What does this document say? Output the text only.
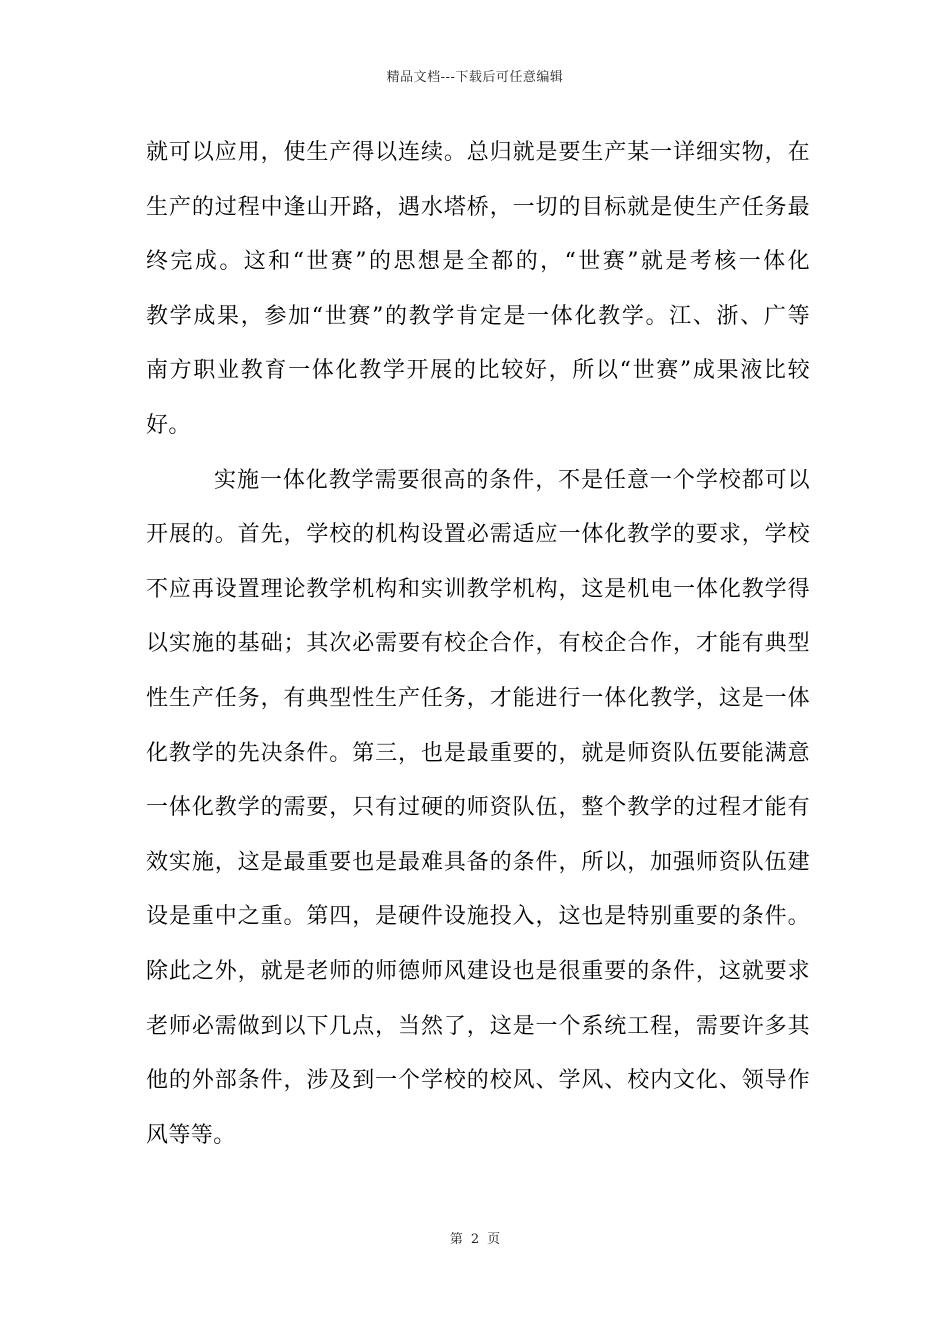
精品文档---下载后可任意编辑
就可以应用，使生产得以连续。总归就是要生产某一详细实物，在
生产的过程中逢山开路，遇水塔桥，一切的目标就是使生产任务最
终完成。这和“世赛”的思想是全都的，“世赛”就是考核一体化
教学成果，参加“世赛”的教学肯定是一体化教学。江、浙、广等
南方职业教育一体化教学开展的比较好，所以“世赛”成果液比较
好。
实施一体化教学需要很高的条件，不是任意一个学校都可以
开展的。首先，学校的机构设置必需适应一体化教学的要求，学校
不应再设置理论教学机构和实训教学机构，这是机电一体化教学得
以实施的基础；其次必需要有校企合作，有校企合作，才能有典型
性生产任务，有典型性生产任务，才能进行一体化教学，这是一体
化教学的先决条件。第三，也是最重要的，就是师资队伍要能满意
一体化教学的需要，只有过硬的师资队伍，整个教学的过程才能有
效实施，这是最重要也是最难具备的条件，所以，加强师资队伍建
设是重中之重。第四，是硬件设施投入，这也是特别重要的条件。
除此之外，就是老师的师德师风建设也是很重要的条件，这就要求
老师必需做到以下几点，当然了，这是一个系统工程，需要许多其
他的外部条件，涉及到一个学校的校风、学风、校内文化、领导作
风等等。
第 2 页
